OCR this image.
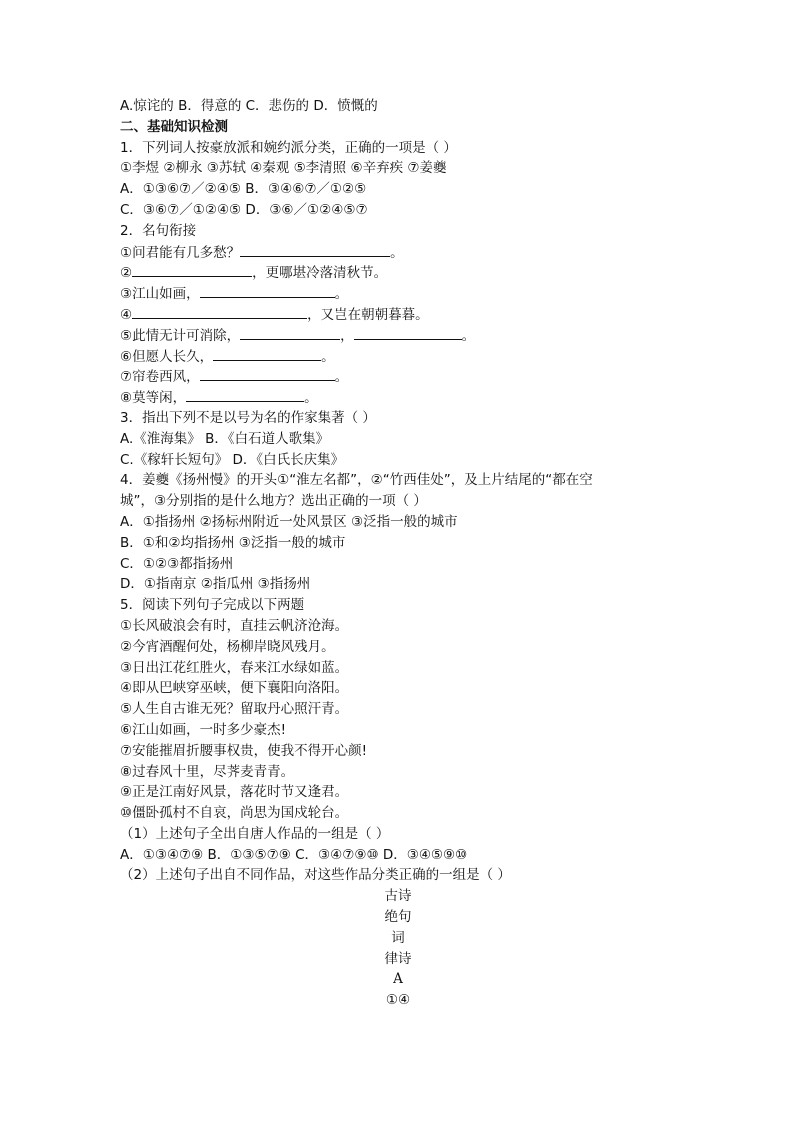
A.惊诧的 B．得意的 C．悲伤的 D．愤慨的
二、基础知识检测
1．下列词人按豪放派和婉约派分类，正确的一项是（ ）
①李煜 ②柳永 ③苏轼 ④秦观 ⑤李清照 ⑥辛弃疾 ⑦姜夔
A．①③⑥⑦／②④⑤ B．③④⑥⑦／①②⑤
C．③⑥⑦／①②④⑤ D．③⑥／①②④⑤⑦
2．名句衔接
①问君能有几多愁？	。
②	，更哪堪冷落清秋节。
③江山如画，	。
④	，又岂在朝朝暮暮。
⑤此情无计可消除，	，	。
⑥但愿人长久，	。
⑦帘卷西风，	。
⑧莫等闲，	。
3．指出下列不是以号为名的作家集著（ ）
A.《淮海集》 B．《白石道人歌集》
C.《稼轩长短句》 D．《白氏长庆集》
4．姜夔《扬州慢》的开头①“淮左名都”，②“竹西佳处”，及上片结尾的“都在空
城”，③分别指的是什么地方？选出正确的一项（ ）
A．①指扬州 ②扬标州附近一处风景区 ③泛指一般的城市
B．①和②均指扬州 ③泛指一般的城市
C．①②③都指扬州
D．①指南京 ②指瓜州 ③指扬州
5．阅读下列句子完成以下两题
①长风破浪会有时，直挂云帆济沧海。
②今宵酒醒何处，杨柳岸晓风残月。
③日出江花红胜火，春来江水绿如蓝。
④即从巴峡穿巫峡，便下襄阳向洛阳。
⑤人生自古谁无死？留取丹心照汗青。
⑥江山如画，一时多少豪杰!
⑦安能摧眉折腰事权贵，使我不得开心颜!
⑧过春风十里，尽荠麦青青。
⑨正是江南好风景，落花时节又逢君。
⑩僵卧孤村不自哀，尚思为国戍轮台。
（1）上述句子全出自唐人作品的一组是（ ）
A．①③④⑦⑨ B．①③⑤⑦⑨ C．③④⑦⑨⑩ D．③④⑤⑨⑩
（2）上述句子出自不同作品，对这些作品分类正确的一组是（ ）
古诗
绝句
词
律诗
A
①④
